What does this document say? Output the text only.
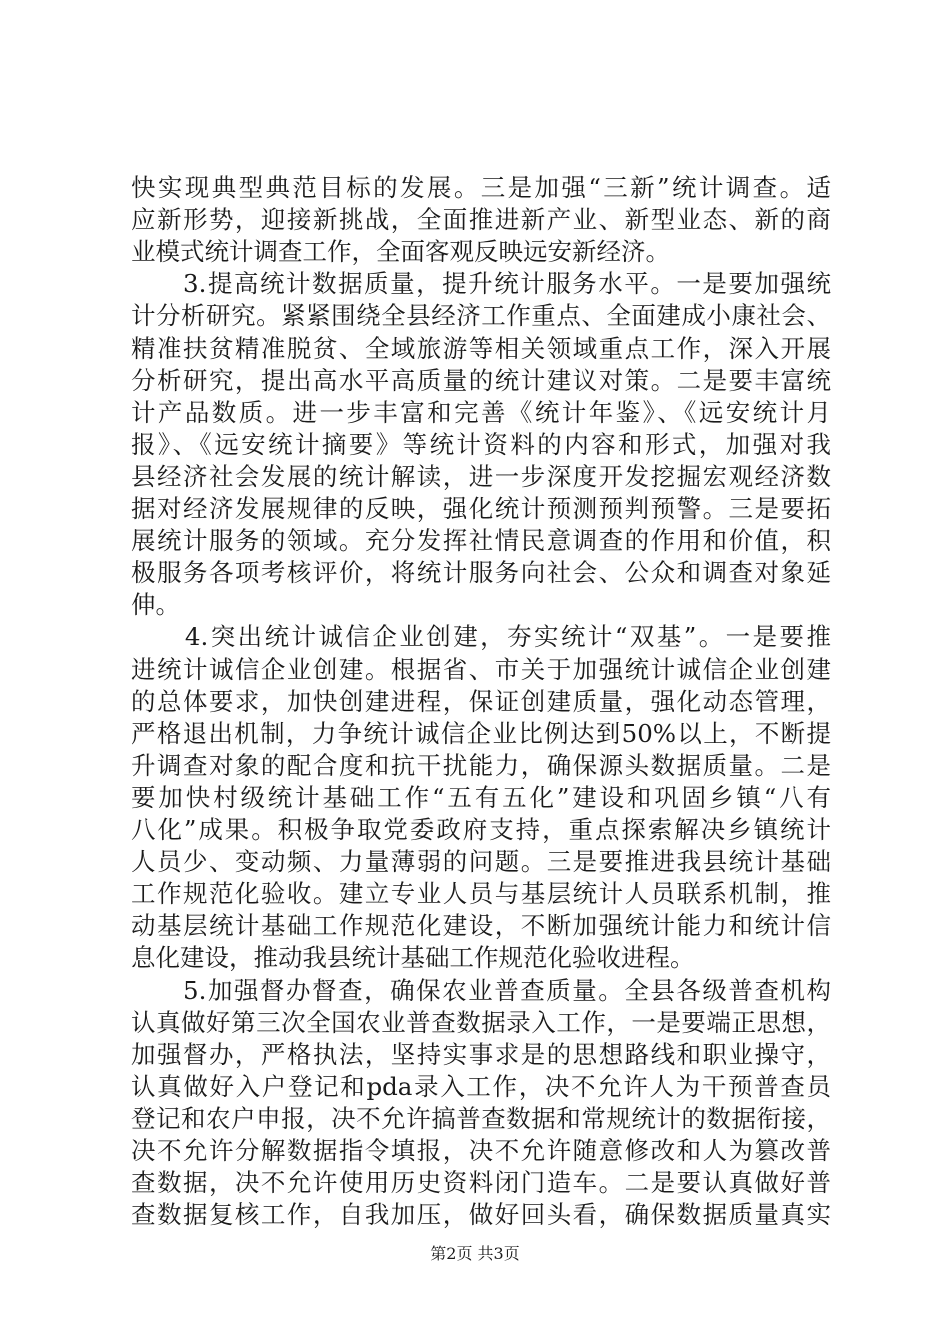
快实现典型典范目标的发展。三是加强“三新”统计调查。适
应新形势，迎接新挑战，全面推进新产业、新型业态、新的商
业模式统计调查工作，全面客观反映远安新经济。
　　3.提高统计数据质量，提升统计服务水平。一是要加强统
计分析研究。紧紧围绕全县经济工作重点、全面建成小康社会、
精准扶贫精准脱贫、全域旅游等相关领域重点工作，深入开展
分析研究，提出高水平高质量的统计建议对策。二是要丰富统
计产品数质。进一步丰富和完善《统计年鉴》、《远安统计月
报》、《远安统计摘要》等统计资料的内容和形式，加强对我
县经济社会发展的统计解读，进一步深度开发挖掘宏观经济数
据对经济发展规律的反映，强化统计预测预判预警。三是要拓
展统计服务的领域。充分发挥社情民意调查的作用和价值，积
极服务各项考核评价，将统计服务向社会、公众和调查对象延
伸。
　　4.突出统计诚信企业创建，夯实统计“双基”。一是要推
进统计诚信企业创建。根据省、市关于加强统计诚信企业创建
的总体要求，加快创建进程，保证创建质量，强化动态管理，
严格退出机制，力争统计诚信企业比例达到50%以上，不断提
升调查对象的配合度和抗干扰能力，确保源头数据质量。二是
要加快村级统计基础工作“五有五化”建设和巩固乡镇“八有
八化”成果。积极争取党委政府支持，重点探索解决乡镇统计
人员少、变动频、力量薄弱的问题。三是要推进我县统计基础
工作规范化验收。建立专业人员与基层统计人员联系机制，推
动基层统计基础工作规范化建设，不断加强统计能力和统计信
息化建设，推动我县统计基础工作规范化验收进程。
　　5.加强督办督查，确保农业普查质量。全县各级普查机构
认真做好第三次全国农业普查数据录入工作，一是要端正思想，
加强督办，严格执法，坚持实事求是的思想路线和职业操守，
认真做好入户登记和pda录入工作，决不允许人为干预普查员
登记和农户申报，决不允许搞普查数据和常规统计的数据衔接，
决不允许分解数据指令填报，决不允许随意修改和人为篡改普
查数据，决不允许使用历史资料闭门造车。二是要认真做好普
查数据复核工作，自我加压，做好回头看，确保数据质量真实
第2页 共3页
